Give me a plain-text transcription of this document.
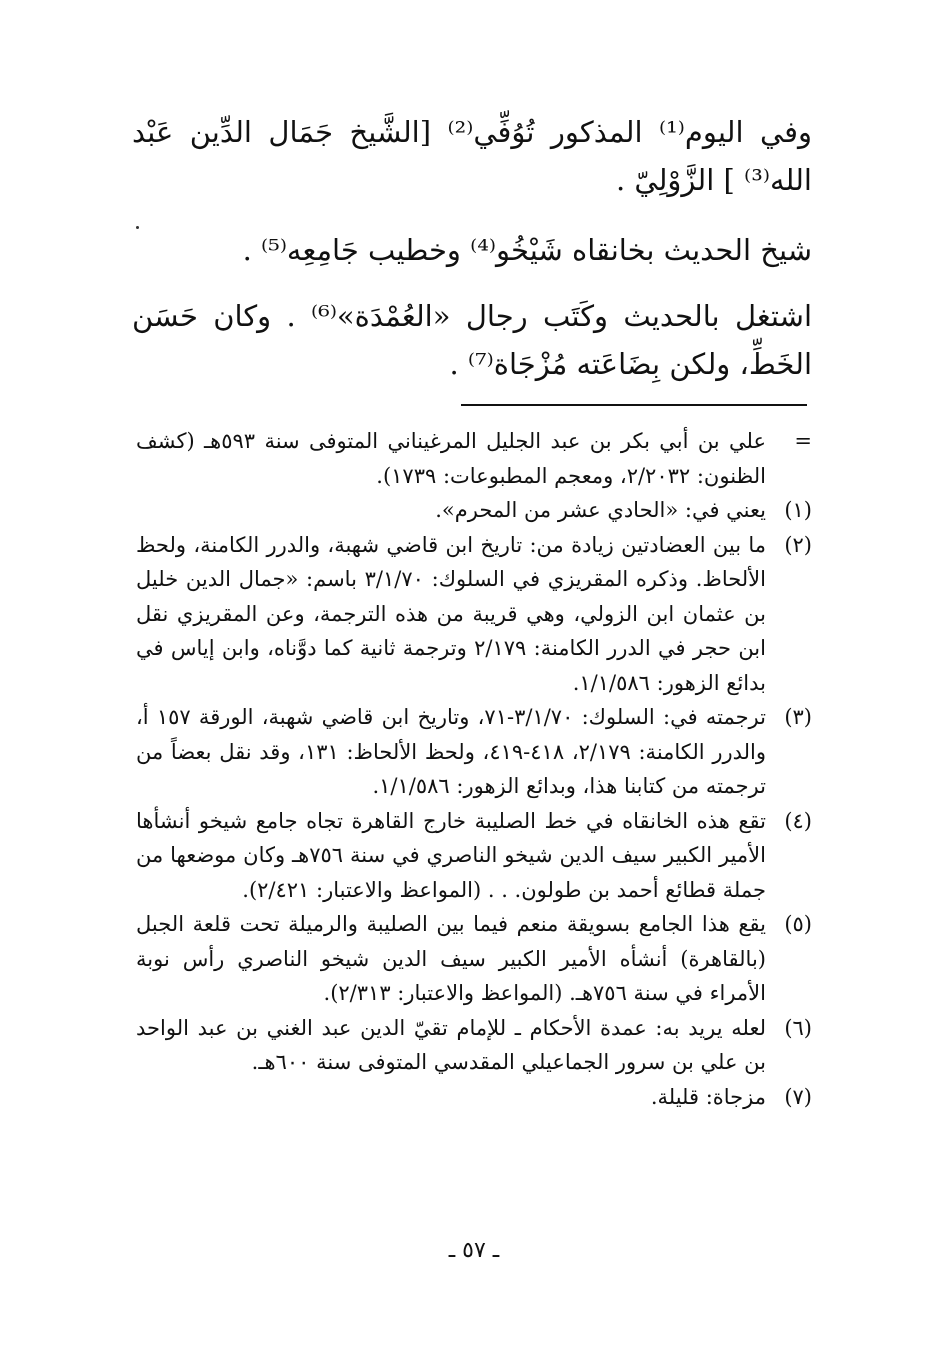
وفي اليوم⁽¹⁾ المذكور تُوُفِّي⁽²⁾ [الشَّيخ جَمَال الدِّين عَبْد الله⁽³⁾ ] الزَّوْلِيّ .

شيخ الحديث بخانقاه شَيْخُو⁽⁴⁾ وخطيب جَامِعِه⁽⁵⁾ .

اشتغل بالحديث وكَتَب رجال «العُمْدَة»⁽⁶⁾ . وكان حَسَن الخَطِّ، ولكن بِضَاعَته مُزْجَاة⁽⁷⁾ .

=
علي بن أبي بكر بن عبد الجليل المرغيناني المتوفى سنة ٥٩٣هـ (كشف الظنون: ٢/٢٠٣٢، ومعجم المطبوعات: ١٧٣٩).
(١)
يعني في: «الحادي عشر من المحرم».
(٢)
ما بين العضادتين زيادة من: تاريخ ابن قاضي شهبة، والدرر الكامنة، ولحظ الألحاظ. وذكره المقريزي في السلوك: ٣/١/٧٠ باسم: «جمال الدين خليل بن عثمان ابن الزولي، وهي قريبة من هذه الترجمة، وعن المقريزي نقل ابن حجر في الدرر الكامنة: ٢/١٧٩ وترجمة ثانية كما دوَّناه، وابن إياس في بدائع الزهور: ١/١/٥٨٦.
(٣)
ترجمته في: السلوك: ٣/١/٧٠-٧١، وتاريخ ابن قاضي شهبة، الورقة ١٥٧ أ، والدرر الكامنة: ٢/١٧٩، ٤١٨-٤١٩، ولحظ الألحاظ: ١٣١، وقد نقل بعضاً من ترجمته من كتابنا هذا، وبدائع الزهور: ١/١/٥٨٦.
(٤)
تقع هذه الخانقاه في خط الصليبة خارج القاهرة تجاه جامع شيخو أنشأها الأمير الكبير سيف الدين شيخو الناصري في سنة ٧٥٦هـ وكان موضعها من جملة قطائع أحمد بن طولون. . . (المواعظ والاعتبار: ٢/٤٢١).
(٥)
يقع هذا الجامع بسويقة منعم فيما بين الصليبة والرميلة تحت قلعة الجبل (بالقاهرة) أنشأه الأمير الكبير سيف الدين شيخو الناصري رأس نوبة الأمراء في سنة ٧٥٦هـ. (المواعظ والاعتبار: ٢/٣١٣).
(٦)
لعله يريد به: عمدة الأحكام ـ للإمام تقيّ الدين عبد الغني بن عبد الواحد بن علي بن سرور الجماعيلي المقدسي المتوفى سنة ٦٠٠هـ.
(٧)
مزجاة: قليلة.
ـ ٥٧ ـ
